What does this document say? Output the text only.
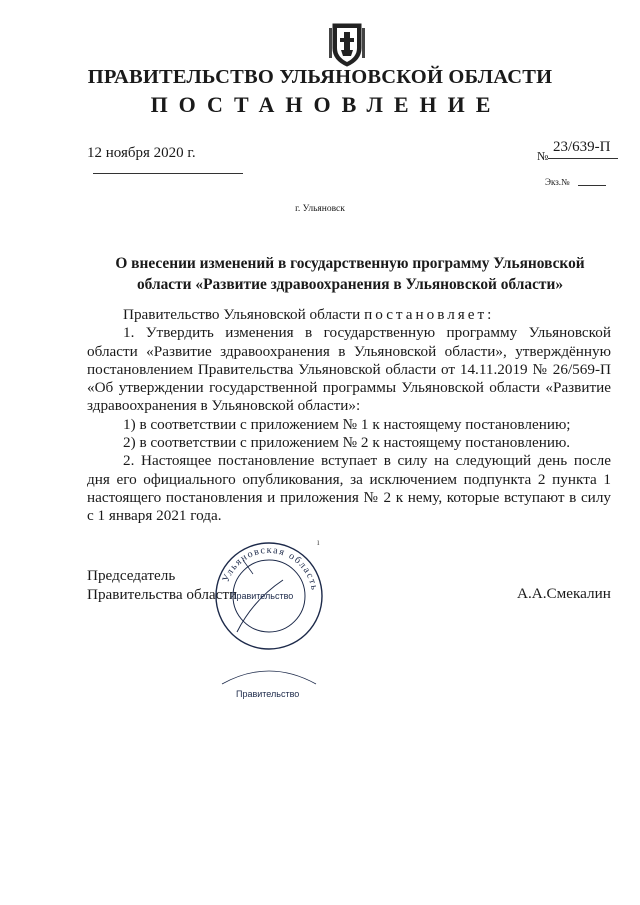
ПРАВИТЕЛЬСТВО УЛЬЯНОВСКОЙ ОБЛАСТИ
ПОСТАНОВЛЕНИЕ
12 ноября 2020 г.	№
23/639-П
Экз.№
г. Ульяновск
О внесении изменений в государственную программу Ульяновской области «Развитие здравоохранения в Ульяновской области»

Правительство Ульяновской области постановляет:

1. Утвердить изменения в государственную программу Ульяновской области «Развитие здравоохранения в Ульяновской области», утверждённую постановлением Правительства Ульяновской области от 14.11.2019 № 26/569-П «Об утверждении государственной программы Ульяновской области «Развитие здравоохранения в Ульяновской области»:

1) в соответствии с приложением № 1 к настоящему постановлению;

2) в соответствии с приложением № 2 к настоящему постановлению.

2. Настоящее постановление вступает в силу на следующий день после дня его официального опубликования, за исключением подпункта 2 пункта 1 настоящего постановления и приложения № 2 к нему, которые вступают в силу с 1 января 2021 года.

ı
Председатель
Правительства области	А.А.Смекалин
Ульяновская область
Правительство
Правительство
